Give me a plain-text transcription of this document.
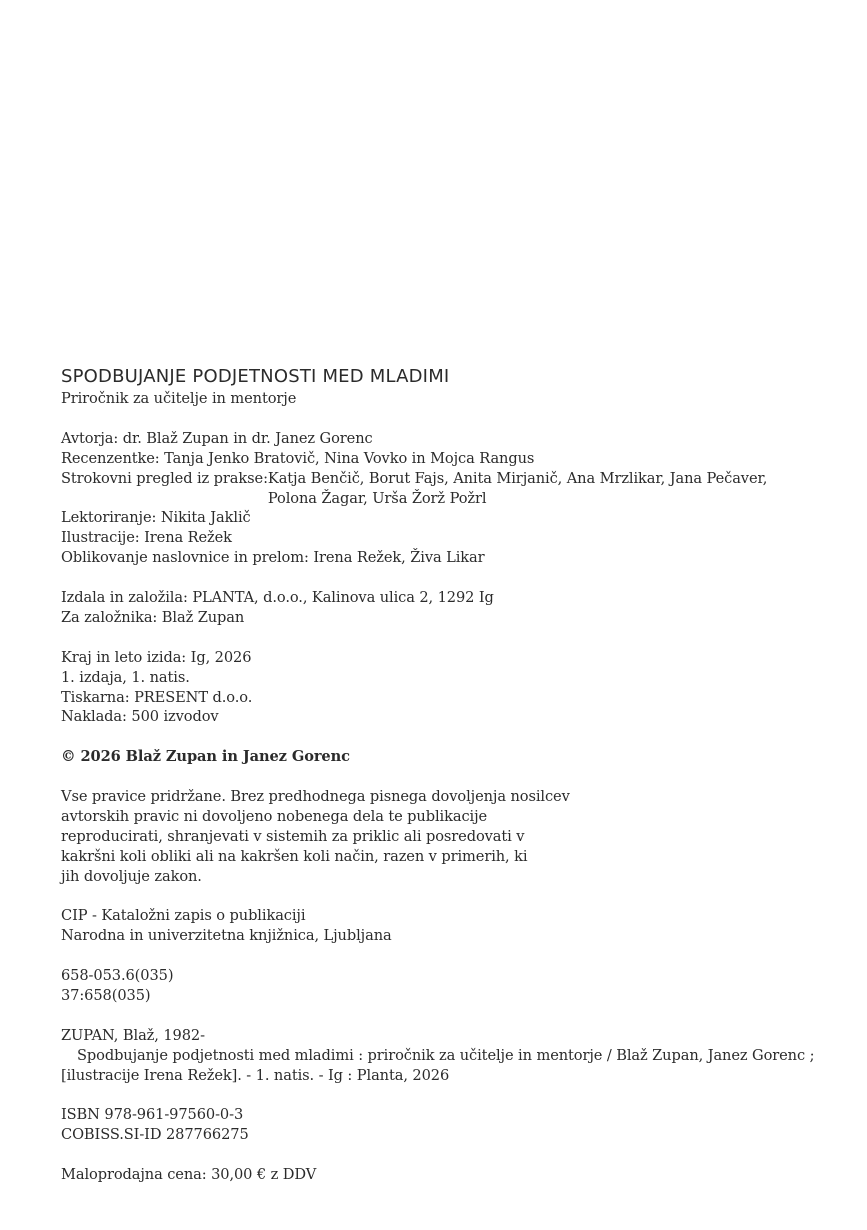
SPODBUJANJE PODJETNOSTI MED MLADIMI
Priročnik za učitelje in mentorje
Avtorja: dr. Blaž Zupan in dr. Janez Gorenc
Recenzentke: Tanja Jenko Bratovič, Nina Vovko in Mojca Rangus
Strokovni pregled iz prakse: Katja Benčič, Borut Fajs, Anita Mirjanič, Ana Mrzlikar, Jana Pečaver, Polona Žagar, Urša Žorž Požrl
Lektoriranje: Nikita Jaklič
Ilustracije: Irena Režek
Oblikovanje naslovnice in prelom: Irena Režek, Živa Likar
Izdala in založila: PLANTA, d.o.o., Kalinova ulica 2, 1292 Ig
Za založnika: Blaž Zupan
Kraj in leto izida: Ig, 2026
1. izdaja, 1. natis.
Tiskarna: PRESENT d.o.o.
Naklada: 500 izvodov
© 2026 Blaž Zupan in Janez Gorenc
Vse pravice pridržane. Brez predhodnega pisnega dovoljenja nosilcev
avtorskih pravic ni dovoljeno nobenega dela te publikacije
reproducirati, shranjevati v sistemih za priklic ali posredovati v
kakršni koli obliki ali na kakršen koli način, razen v primerih, ki
jih dovoljuje zakon.
CIP - Kataložni zapis o publikaciji
Narodna in univerzitetna knjižnica, Ljubljana
658-053.6(035)
37:658(035)
ZUPAN, Blaž, 1982-
Spodbujanje podjetnosti med mladimi : priročnik za učitelje in mentorje / Blaž Zupan, Janez Gorenc ;
[ilustracije Irena Režek]. - 1. natis. - Ig : Planta, 2026
ISBN 978-961-97560-0-3
COBISS.SI-ID 287766275
Maloprodajna cena: 30,00 € z DDV
